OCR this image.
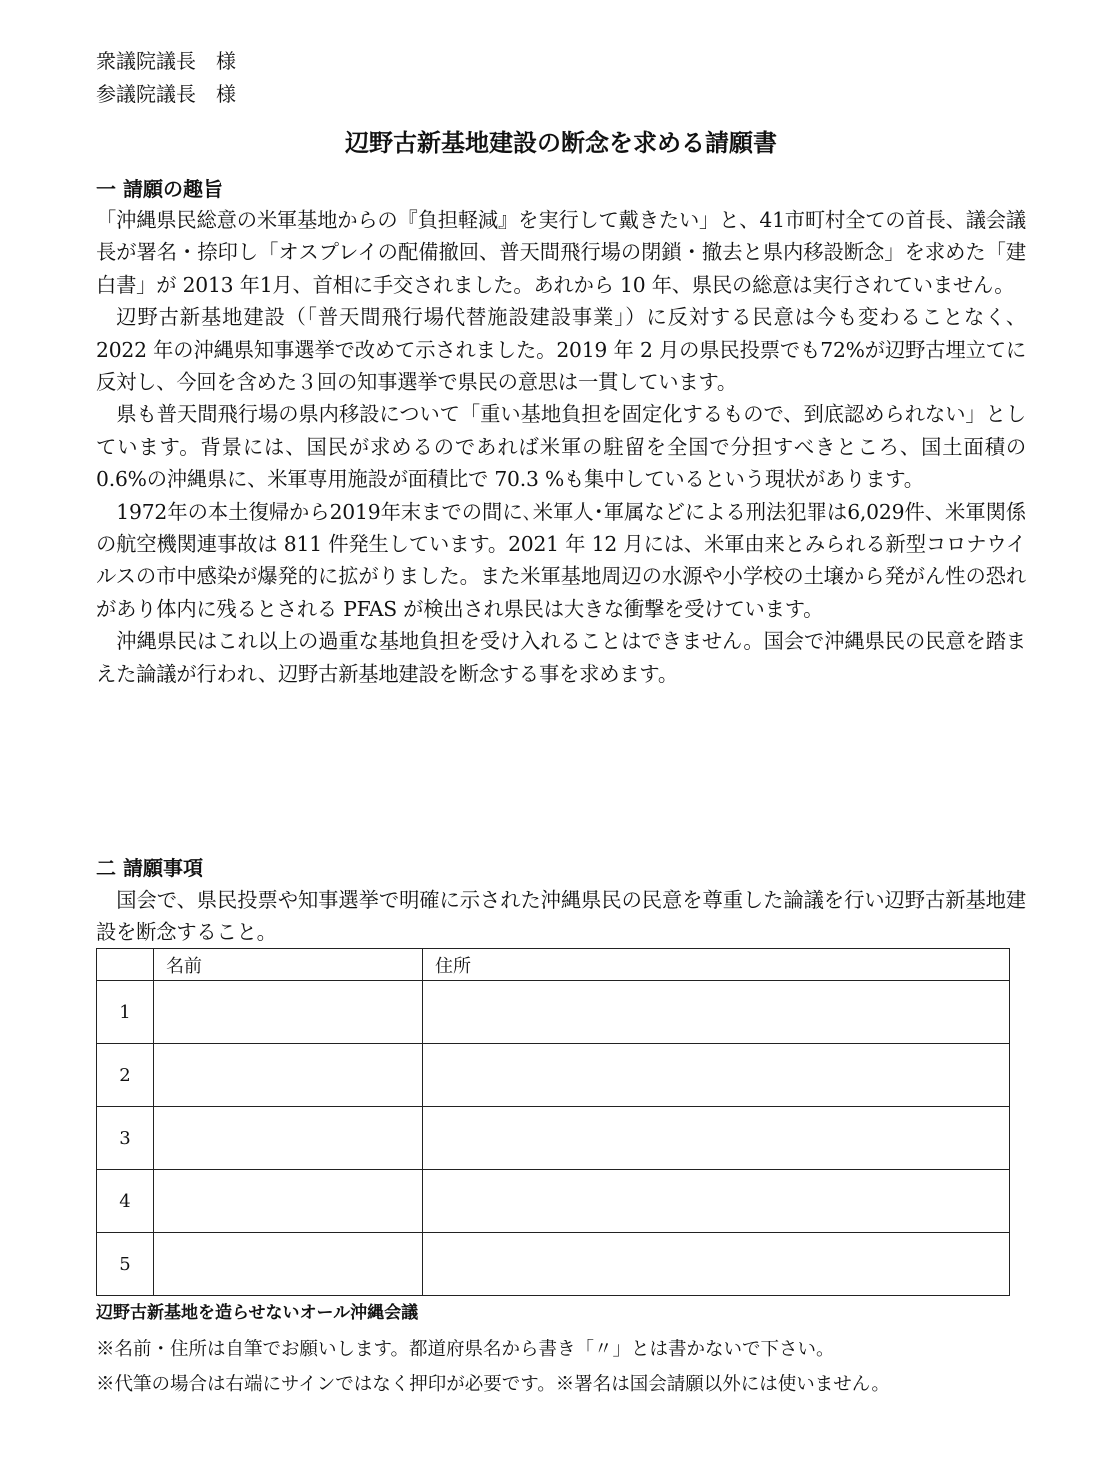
衆議院議長　様
参議院議長　様
辺野古新基地建設の断念を求める請願書
一 請願の趣旨

「沖縄県民総意の米軍基地からの『負担軽減』を実行して戴きたい」と、41市町村全ての首長、議会議長が署名・捺印し「オスプレイの配備撤回、普天間飛行場の閉鎖・撤去と県内移設断念」を求めた「建白書」が 2013 年1月、首相に手交されました。あれから 10 年、県民の総意は実行されていません。

辺野古新基地建設（「普天間飛行場代替施設建設事業」）に反対する民意は今も変わることなく、2022 年の沖縄県知事選挙で改めて示されました。2019 年 2 月の県民投票でも72%が辺野古埋立てに反対し、今回を含めた３回の知事選挙で県民の意思は一貫しています。

県も普天間飛行場の県内移設について「重い基地負担を固定化するもので、到底認められない」としています。背景には、国民が求めるのであれば米軍の駐留を全国で分担すべきところ、国土面積の 0.6%の沖縄県に、米軍専用施設が面積比で 70.3 %も集中しているという現状があります。

1972年の本土復帰から2019年末までの間に､米軍人･軍属などによる刑法犯罪は6,029件、米軍関係の航空機関連事故は 811 件発生しています。2021 年 12 月には、米軍由来とみられる新型コロナウイルスの市中感染が爆発的に拡がりました。また米軍基地周辺の水源や小学校の土壌から発がん性の恐れがあり体内に残るとされる PFAS が検出され県民は大きな衝撃を受けています。

沖縄県民はこれ以上の過重な基地負担を受け入れることはできません。国会で沖縄県民の民意を踏まえた論議が行われ、辺野古新基地建設を断念する事を求めます。

二 請願事項

国会で、県民投票や知事選挙で明確に示された沖縄県民の民意を尊重した論議を行い辺野古新基地建設を断念すること。

	名前	住所
1		
2		
3		
4		
5		
辺野古新基地を造らせないオール沖縄会議
※名前・住所は自筆でお願いします。都道府県名から書き「〃」とは書かないで下さい。
※代筆の場合は右端にサインではなく押印が必要です。※署名は国会請願以外には使いません。
